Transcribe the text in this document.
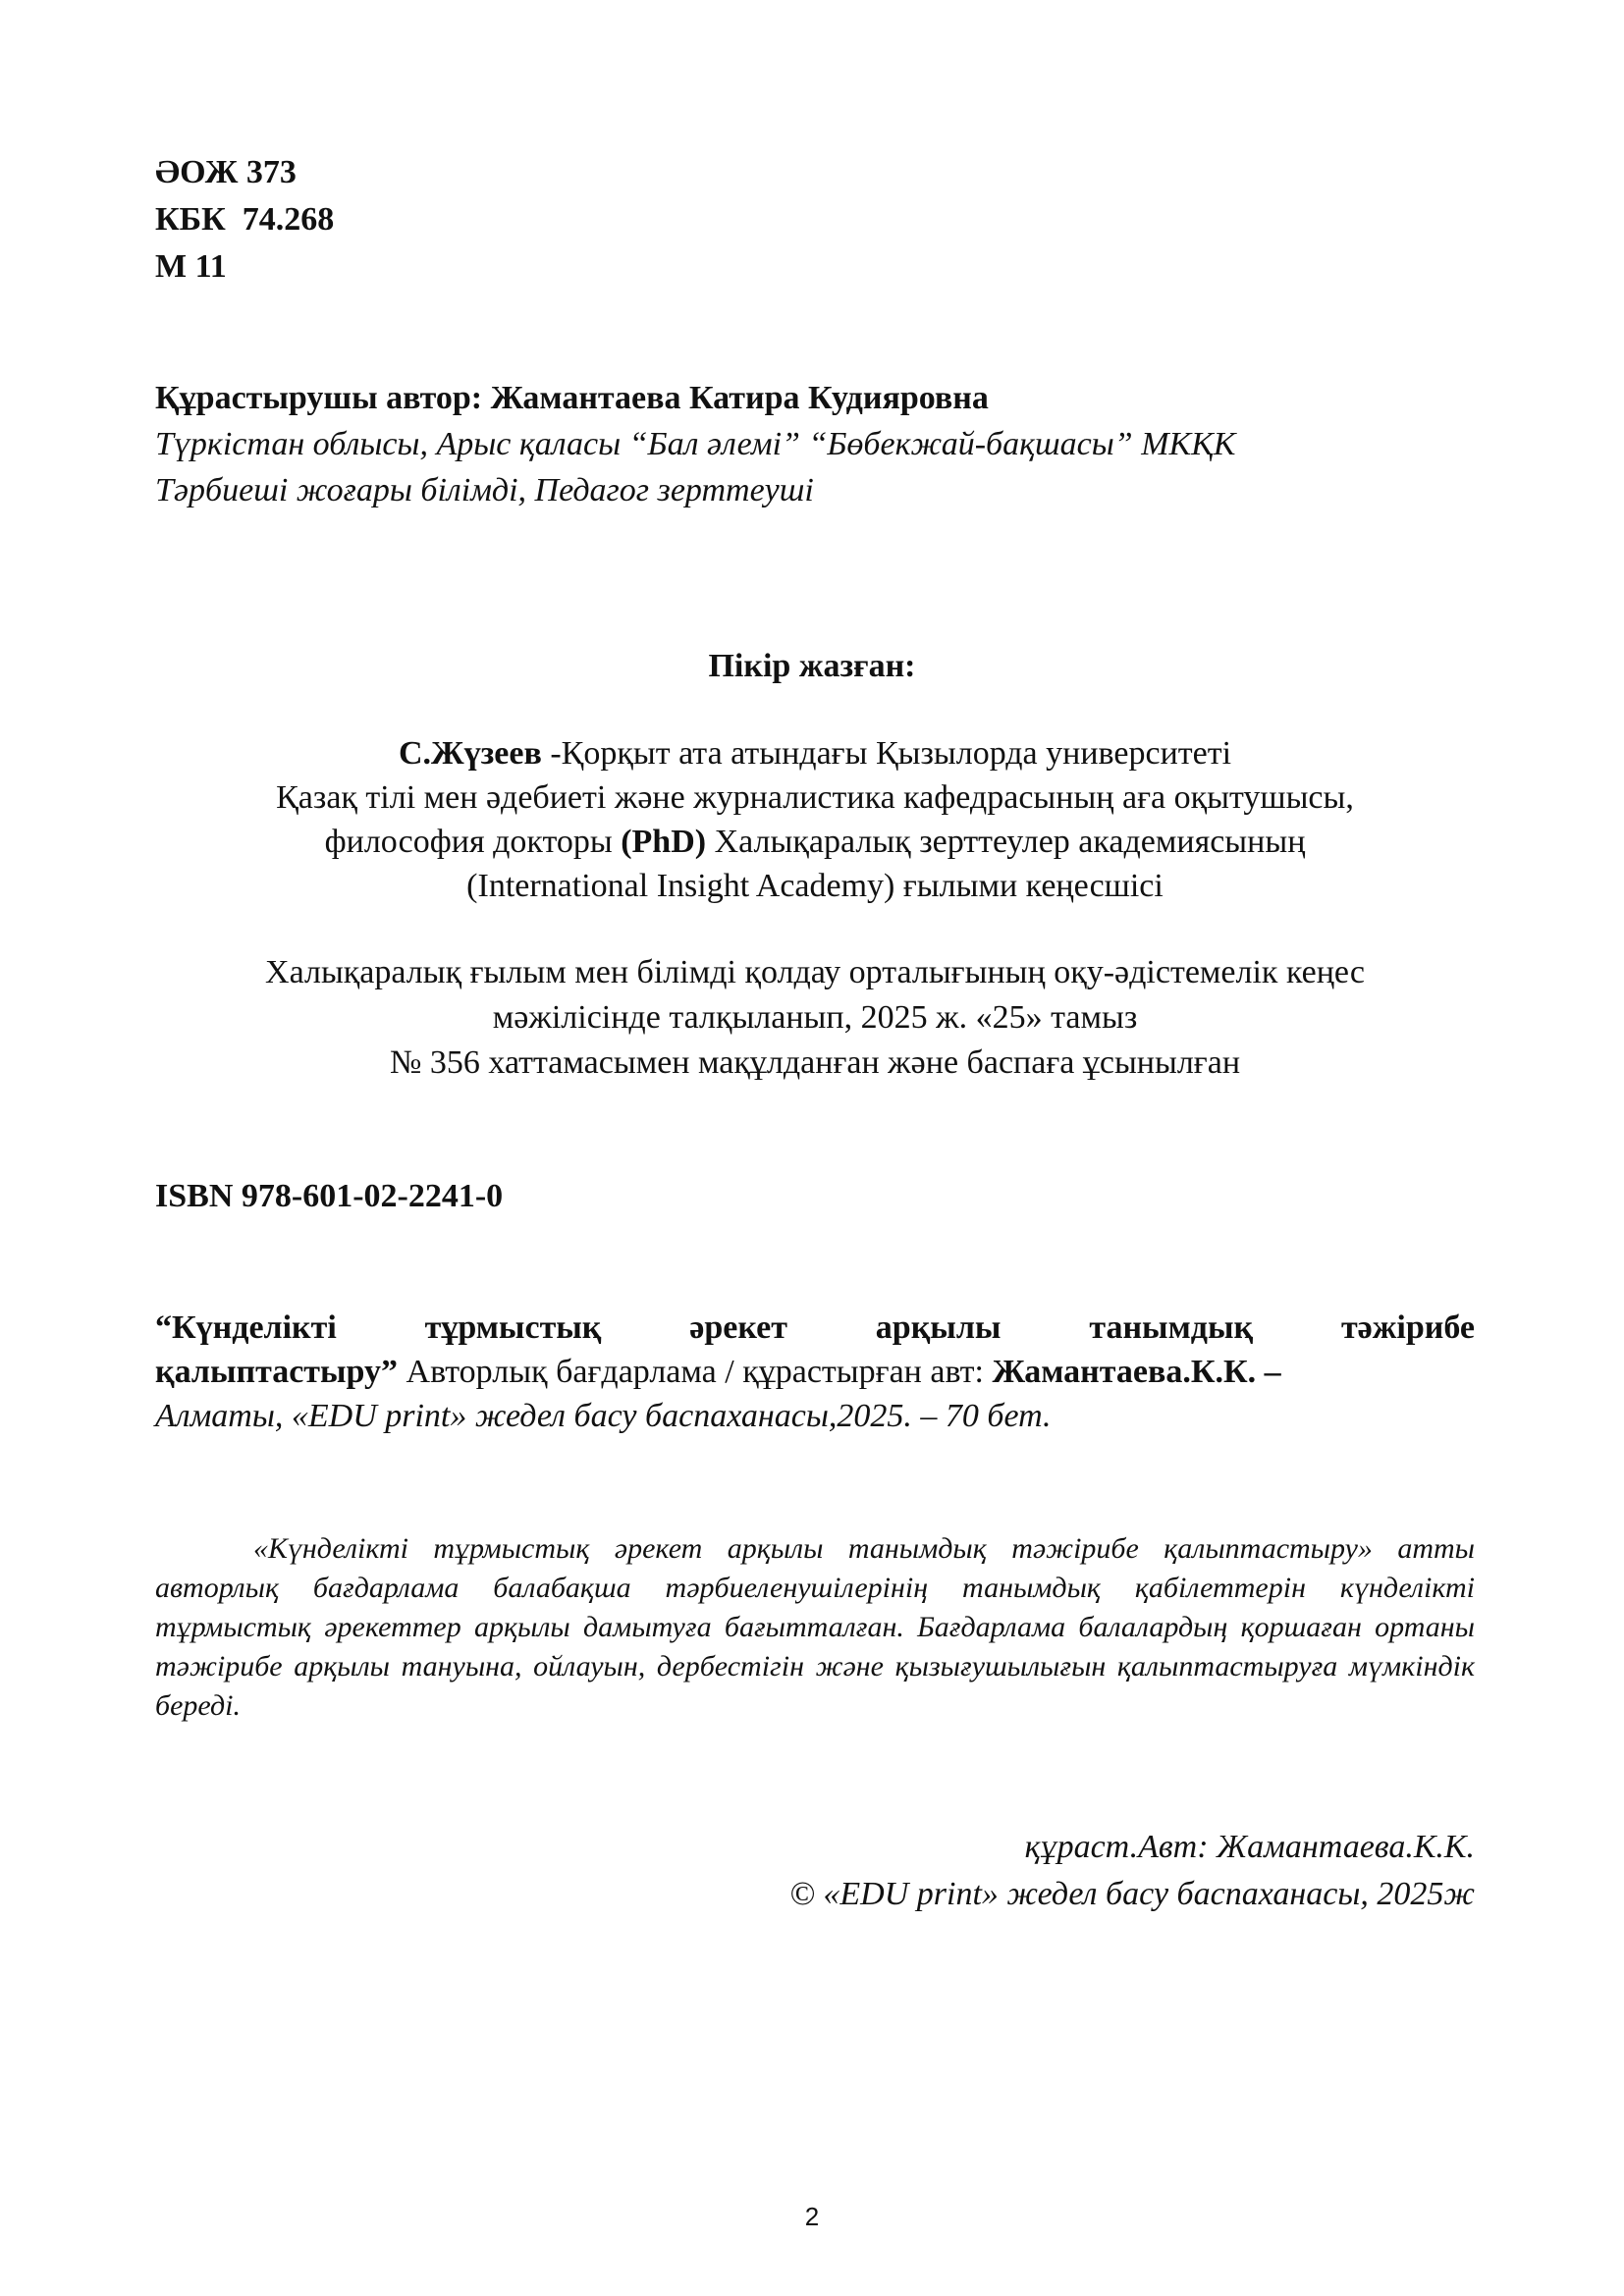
ӘОЖ 373
КБК  74.268
М 11
Құрастырушы автор: Жамантаева Катира Кудияровна
Түркістан облысы, Арыс қаласы “Бал әлемі” “Бөбекжай-бақшасы” МКҚК
Тәрбиеші жоғары білімді, Педагог зерттеуші
Пікір жазған:
С.Жүзеев -Қорқыт ата атындағы Қызылорда университеті
Қазақ тілі мен әдебиеті және журналистика кафедрасының аға оқытушысы,
философия докторы (PhD) Халықаралық зерттеулер академиясының
(International Insight Academy) ғылыми кеңесшісі
Халықаралық ғылым мен білімді қолдау орталығының оқу-әдістемелік кеңес
мәжілісінде талқыланып, 2025 ж. «25» тамыз
№ 356 хаттамасымен мақұлданған және баспаға ұсынылған
ISBN 978-601-02-2241-0
“Күнделікті тұрмыстық әрекет арқылы танымдық тәжірибе
қалыптастыру” Авторлық бағдарлама / құрастырған авт: Жамантаева.К.К. –
Алматы, «EDU print» жедел басу баспаханасы,2025. – 70 бет.
«Күнделікті тұрмыстық әрекет арқылы танымдық тәжірибе қалыптастыру» атты авторлық бағдарлама балабақша тәрбиеленушілерінің танымдық қабілеттерін күнделікті тұрмыстық әрекеттер арқылы дамытуға бағытталған. Бағдарлама балалардың қоршаған ортаны тәжірибе арқылы тануына, ойлауын, дербестігін және қызығушылығын қалыптастыруға мүмкіндік береді.
құраст.Авт: Жамантаева.К.К.
© «EDU print» жедел басу баспаханасы, 2025ж
2
